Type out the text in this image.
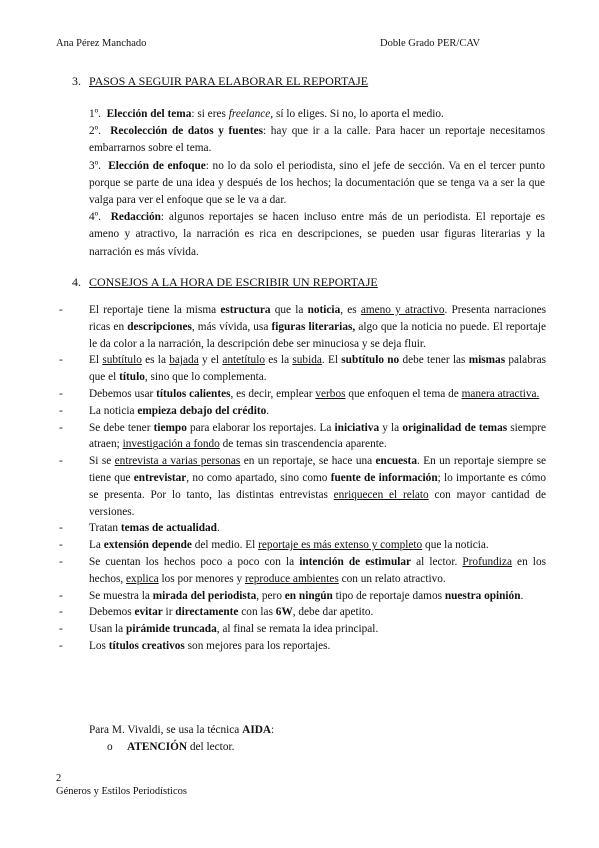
Ana Pérez Manchado	Doble Grado PER/CAV
3. PASOS A SEGUIR PARA ELABORAR EL REPORTAJE

1º. Elección del tema: si eres freelance, sí lo eliges. Si no, lo aporta el medio.

2º. Recolección de datos y fuentes: hay que ir a la calle. Para hacer un reportaje necesitamos embarrarnos sobre el tema.

3º. Elección de enfoque: no lo da solo el periodista, sino el jefe de sección. Va en el tercer punto porque se parte de una idea y después de los hechos; la documentación que se tenga va a ser la que valga para ver el enfoque que se le va a dar.

4º. Redacción: algunos reportajes se hacen incluso entre más de un periodista. El reportaje es ameno y atractivo, la narración es rica en descripciones, se pueden usar figuras literarias y la narración es más vívida.

4. CONSEJOS A LA HORA DE ESCRIBIR UN REPORTAJE
- El reportaje tiene la misma estructura que la noticia, es ameno y atractivo. Presenta narraciones ricas en descripciones, más vívida, usa figuras literarias, algo que la noticia no puede. El reportaje le da color a la narración, la descripción debe ser minuciosa y se deja fluir.
- El subtítulo es la bajada y el antetítulo es la subida. El subtítulo no debe tener las mismas palabras que el título, sino que lo complementa.
- Debemos usar títulos calientes, es decir, emplear verbos que enfoquen el tema de manera atractiva.
- La noticia empieza debajo del crédito.
- Se debe tener tiempo para elaborar los reportajes. La iniciativa y la originalidad de temas siempre atraen; investigación a fondo de temas sin trascendencia aparente.
- Si se entrevista a varias personas en un reportaje, se hace una encuesta. En un reportaje siempre se tiene que entrevistar, no como apartado, sino como fuente de información; lo importante es cómo se presenta. Por lo tanto, las distintas entrevistas enriquecen el relato con mayor cantidad de versiones.
- Tratan temas de actualidad.
- La extensión depende del medio. El reportaje es más extenso y completo que la noticia.
- Se cuentan los hechos poco a poco con la intención de estimular al lector. Profundiza en los hechos, explica los por menores y reproduce ambientes con un relato atractivo.
- Se muestra la mirada del periodista, pero en ningún tipo de reportaje damos nuestra opinión.
- Debemos evitar ir directamente con las 6W, debe dar apetito.
- Usan la pirámide truncada, al final se remata la idea principal.
- Los títulos creativos son mejores para los reportajes.
Para M. Vivaldi, se usa la técnica AIDA:
o ATENCIÓN del lector.
2
Géneros y Estilos Periodísticos
